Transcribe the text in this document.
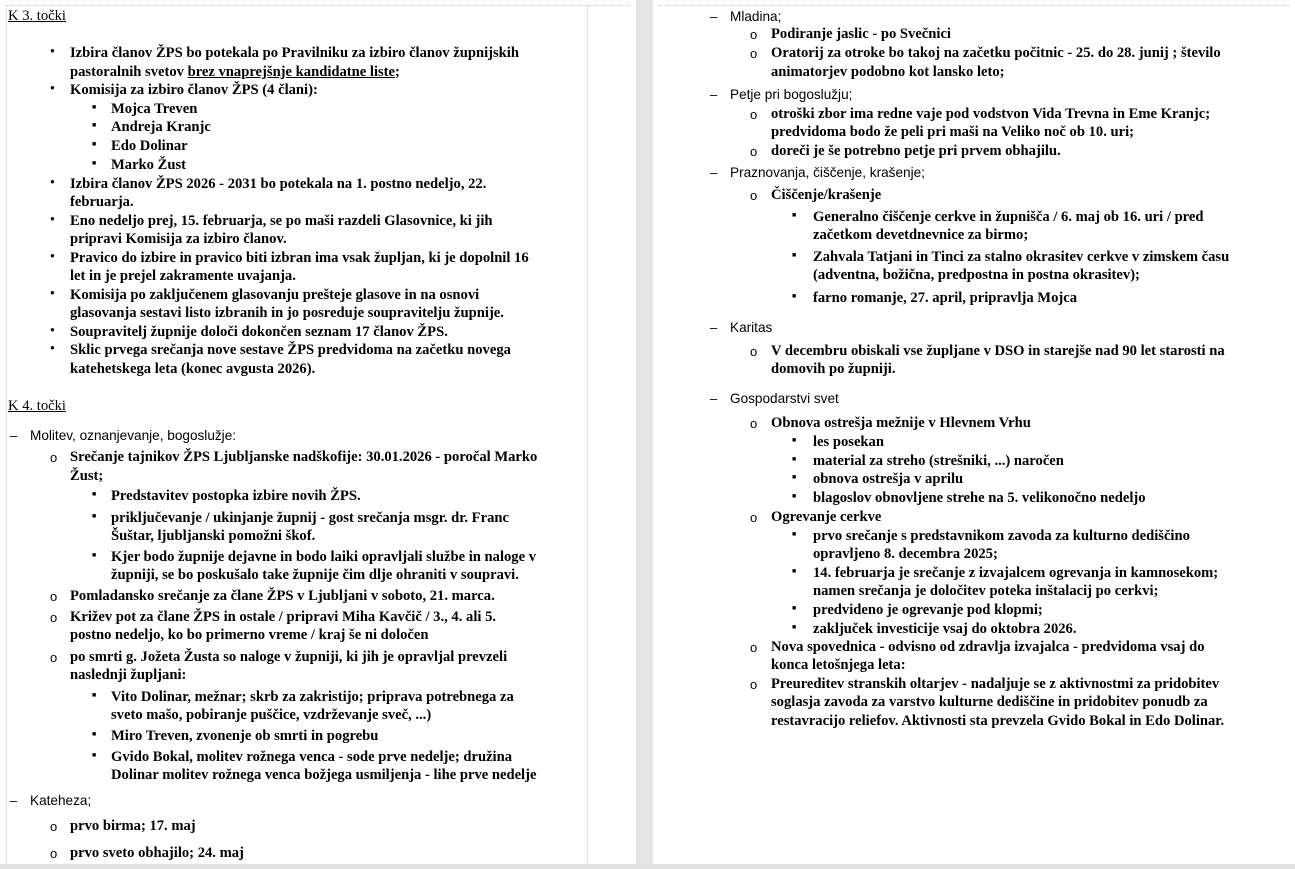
K 3. točki
●
Izbira članov ŽPS bo potekala po Pravilniku za izbiro članov župnijskih
pastoralnih svetov brez vnaprejšnje kandidatne liste;
●
Komisija za izbiro članov ŽPS (4 člani):
■
Mojca Treven
■
Andreja Kranjc
■
Edo Dolinar
■
Marko Žust
●
Izbira članov ŽPS 2026 - 2031 bo potekala na 1. postno nedeljo, 22.
februarja.
●
Eno nedeljo prej, 15. februarja, se po maši razdeli Glasovnice, ki jih
pripravi Komisija za izbiro članov.
●
Pravico do izbire in pravico biti izbran ima vsak župljan, ki je dopolnil 16
let in je prejel zakramente uvajanja.
●
Komisija po zaključenem glasovanju prešteje glasove in na osnovi
glasovanja sestavi listo izbranih in jo posreduje soupravitelju župnije.
●
Soupravitelj župnije določi dokončen seznam 17 članov ŽPS.
●
Sklic prvega srečanja nove sestave ŽPS predvidoma na začetku novega
katehetskega leta (konec avgusta 2026).
K 4. točki
–
Molitev, oznanjevanje, bogoslužje:
o
Srečanje tajnikov ŽPS Ljubljanske nadškofije: 30.01.2026 - poročal Marko
Žust;
■
Predstavitev postopka izbire novih ŽPS.
■
priključevanje / ukinjanje župnij - gost srečanja msgr. dr. Franc
Šuštar, ljubljanski pomožni škof.
■
Kjer bodo župnije dejavne in bodo laiki opravljali službe in naloge v
župniji, se bo poskušalo take župnije čim dlje ohraniti v soupravi.
o
Pomladansko srečanje za člane ŽPS v Ljubljani v soboto, 21. marca.
o
Križev pot za člane ŽPS in ostale / pripravi Miha Kavčič / 3., 4. ali 5.
postno nedeljo, ko bo primerno vreme / kraj še ni določen
o
po smrti g. Jožeta Žusta so naloge v župniji, ki jih je opravljal prevzeli
naslednji župljani:
■
Vito Dolinar, mežnar; skrb za zakristijo; priprava potrebnega za
sveto mašo, pobiranje puščice, vzdrževanje sveč, ...)
■
Miro Treven, zvonenje ob smrti in pogrebu
■
Gvido Bokal, molitev rožnega venca - sode prve nedelje; družina
Dolinar molitev rožnega venca božjega usmiljenja - lihe prve nedelje
–
Kateheza;
o
prvo birma; 17. maj
o
prvo sveto obhajilo; 24. maj
–
Mladina;
o
Podiranje jaslic - po Svečnici
o
Oratorij za otroke bo takoj na začetku počitnic - 25. do 28. junij ; število
animatorjev podobno kot lansko leto;
–
Petje pri bogoslužju;
o
otroški zbor ima redne vaje pod vodstvon Vida Trevna in Eme Kranjc;
predvidoma bodo že peli pri maši na Veliko noč ob 10. uri;
o
doreči je še potrebno petje pri prvem obhajilu.
–
Praznovanja, čiščenje, krašenje;
o
Čiščenje/krašenje
■
Generalno čiščenje cerkve in župnišča / 6. maj ob 16. uri / pred
začetkom devetdnevnice za birmo;
■
Zahvala Tatjani in Tinci za stalno okrasitev cerkve v zimskem času
(adventna, božična, predpostna in postna okrasitev);
■
farno romanje, 27. april, pripravlja Mojca
–
Karitas
o
V decembru obiskali vse župljane v DSO in starejše nad 90 let starosti na
domovih po župniji.
–
Gospodarstvi svet
o
Obnova ostrešja mežnije v Hlevnem Vrhu
■
les posekan
■
material za streho (strešniki, ...) naročen
■
obnova ostrešja v aprilu
■
blagoslov obnovljene strehe na 5. velikonočno nedeljo
o
Ogrevanje cerkve
■
prvo srečanje s predstavnikom zavoda za kulturno dediščino
opravljeno 8. decembra 2025;
■
14. februarja je srečanje z izvajalcem ogrevanja in kamnosekom;
namen srečanja je določitev poteka inštalacij po cerkvi;
■
predvideno je ogrevanje pod klopmi;
■
zaključek investicije vsaj do oktobra 2026.
o
Nova spovednica - odvisno od zdravlja izvajalca - predvidoma vsaj do
konca letošnjega leta:
o
Preureditev stranskih oltarjev - nadaljuje se z aktivnostmi za pridobitev
soglasja zavoda za varstvo kulturne dediščine in pridobitev ponudb za
restavracijo reliefov. Aktivnosti sta prevzela Gvido Bokal in Edo Dolinar.
